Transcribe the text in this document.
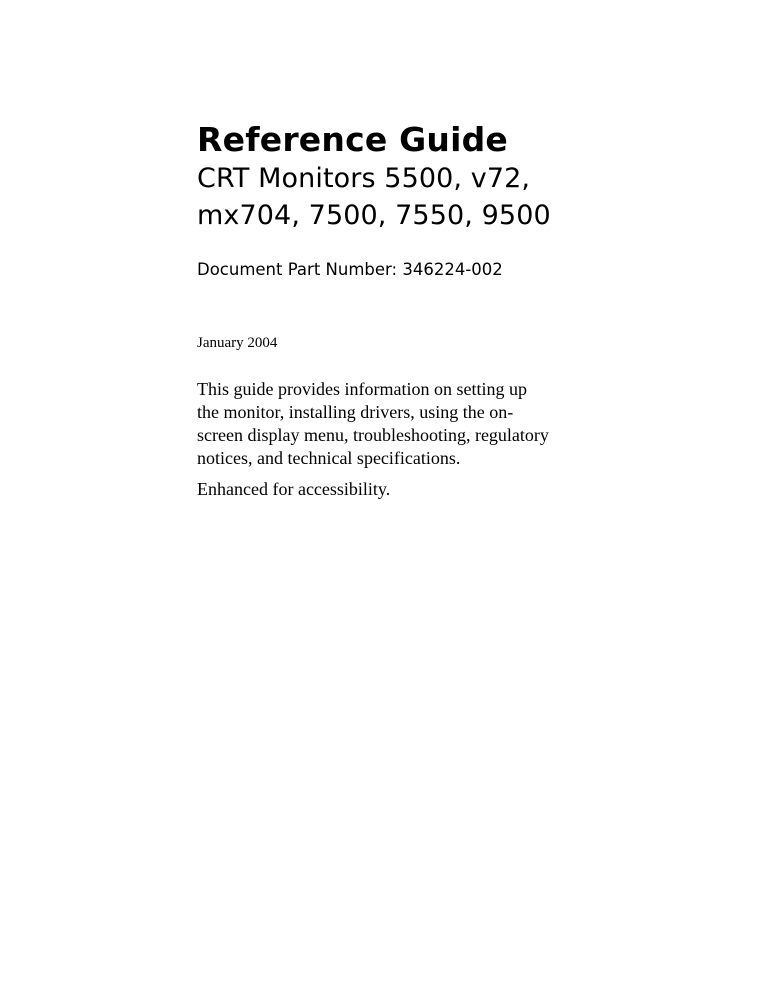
Reference Guide
CRT Monitors 5500, v72,
mx704, 7500, 7550, 9500

Document Part Number: 346224-002

January 2004

This guide provides information on setting up
the monitor, installing drivers, using the on-
screen display menu, troubleshooting, regulatory
notices, and technical specifications.

Enhanced for accessibility.
